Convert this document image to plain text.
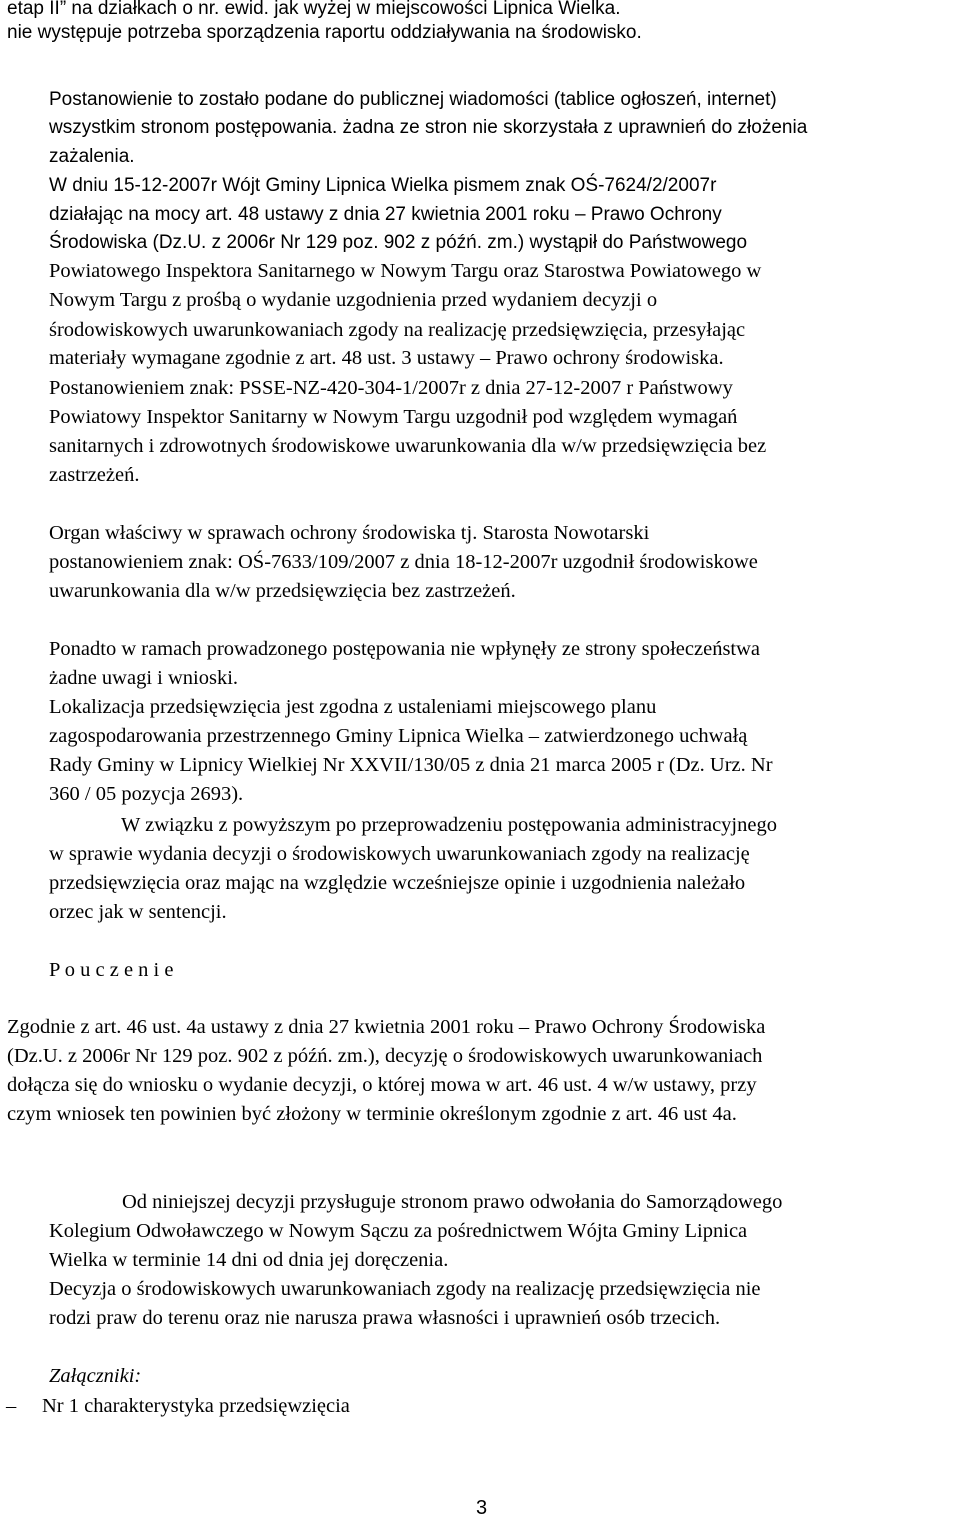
etap II” na działkach o nr. ewid. jak wyżej w miejscowości Lipnica Wielka.
nie występuje potrzeba sporządzenia raportu oddziaływania na środowisko.
Postanowienie to zostało podane do publicznej wiadomości (tablice ogłoszeń, internet)
wszystkim stronom postępowania. żadna ze stron nie skorzystała z uprawnień do złożenia
zażalenia.
W dniu 15-12-2007r Wójt Gminy Lipnica Wielka pismem znak OŚ-7624/2/2007r
działając na mocy art. 48 ustawy z dnia 27 kwietnia 2001 roku – Prawo Ochrony
Środowiska (Dz.U. z 2006r Nr 129 poz. 902 z późń. zm.) wystąpił do Państwowego
Powiatowego Inspektora Sanitarnego w Nowym Targu oraz Starostwa Powiatowego w
Nowym Targu z prośbą o wydanie uzgodnienia przed wydaniem decyzji o
środowiskowych uwarunkowaniach zgody na realizację przedsięwzięcia, przesyłając
materiały wymagane zgodnie z art. 48 ust. 3 ustawy – Prawo ochrony środowiska.
Postanowieniem znak: PSSE-NZ-420-304-1/2007r z dnia 27-12-2007 r Państwowy
Powiatowy Inspektor Sanitarny w Nowym Targu uzgodnił pod względem wymagań
sanitarnych i zdrowotnych środowiskowe uwarunkowania dla w/w przedsięwzięcia bez
zastrzeżeń.
Organ właściwy w sprawach ochrony środowiska tj. Starosta Nowotarski
postanowieniem znak: OŚ-7633/109/2007 z dnia 18-12-2007r uzgodnił środowiskowe
uwarunkowania dla w/w przedsięwzięcia bez zastrzeżeń.
Ponadto w ramach prowadzonego postępowania nie wpłynęły ze strony społeczeństwa
żadne uwagi i wnioski.
Lokalizacja przedsięwzięcia jest zgodna z ustaleniami miejscowego planu
zagospodarowania przestrzennego Gminy Lipnica Wielka – zatwierdzonego uchwałą
Rady Gminy w Lipnicy Wielkiej Nr XXVII/130/05 z dnia 21 marca 2005 r (Dz. Urz. Nr
360 / 05 pozycja 2693).
W związku z powyższym po przeprowadzeniu postępowania administracyjnego
w sprawie wydania decyzji o środowiskowych uwarunkowaniach zgody na realizację
przedsięwzięcia oraz mając na względzie wcześniejsze opinie i uzgodnienia należało
orzec jak w sentencji.
P o u c z e n i e
Zgodnie z art. 46 ust. 4a ustawy z dnia 27 kwietnia 2001 roku – Prawo Ochrony Środowiska
(Dz.U. z 2006r Nr 129 poz. 902 z późń. zm.), decyzję o środowiskowych uwarunkowaniach
dołącza się do wniosku o wydanie decyzji, o której mowa w art. 46 ust. 4 w/w ustawy, przy
czym wniosek ten powinien być złożony w terminie określonym zgodnie z art. 46 ust 4a.
Od niniejszej decyzji przysługuje stronom prawo odwołania do Samorządowego
Kolegium Odwoławczego w Nowym Sączu za pośrednictwem Wójta Gminy Lipnica
Wielka w terminie 14 dni od dnia jej doręczenia.
Decyzja o środowiskowych uwarunkowaniach zgody na realizację przedsięwzięcia nie
rodzi praw do terenu oraz nie narusza prawa własności i uprawnień osób trzecich.
Załączniki:
– Nr 1 charakterystyka przedsięwzięcia
3
